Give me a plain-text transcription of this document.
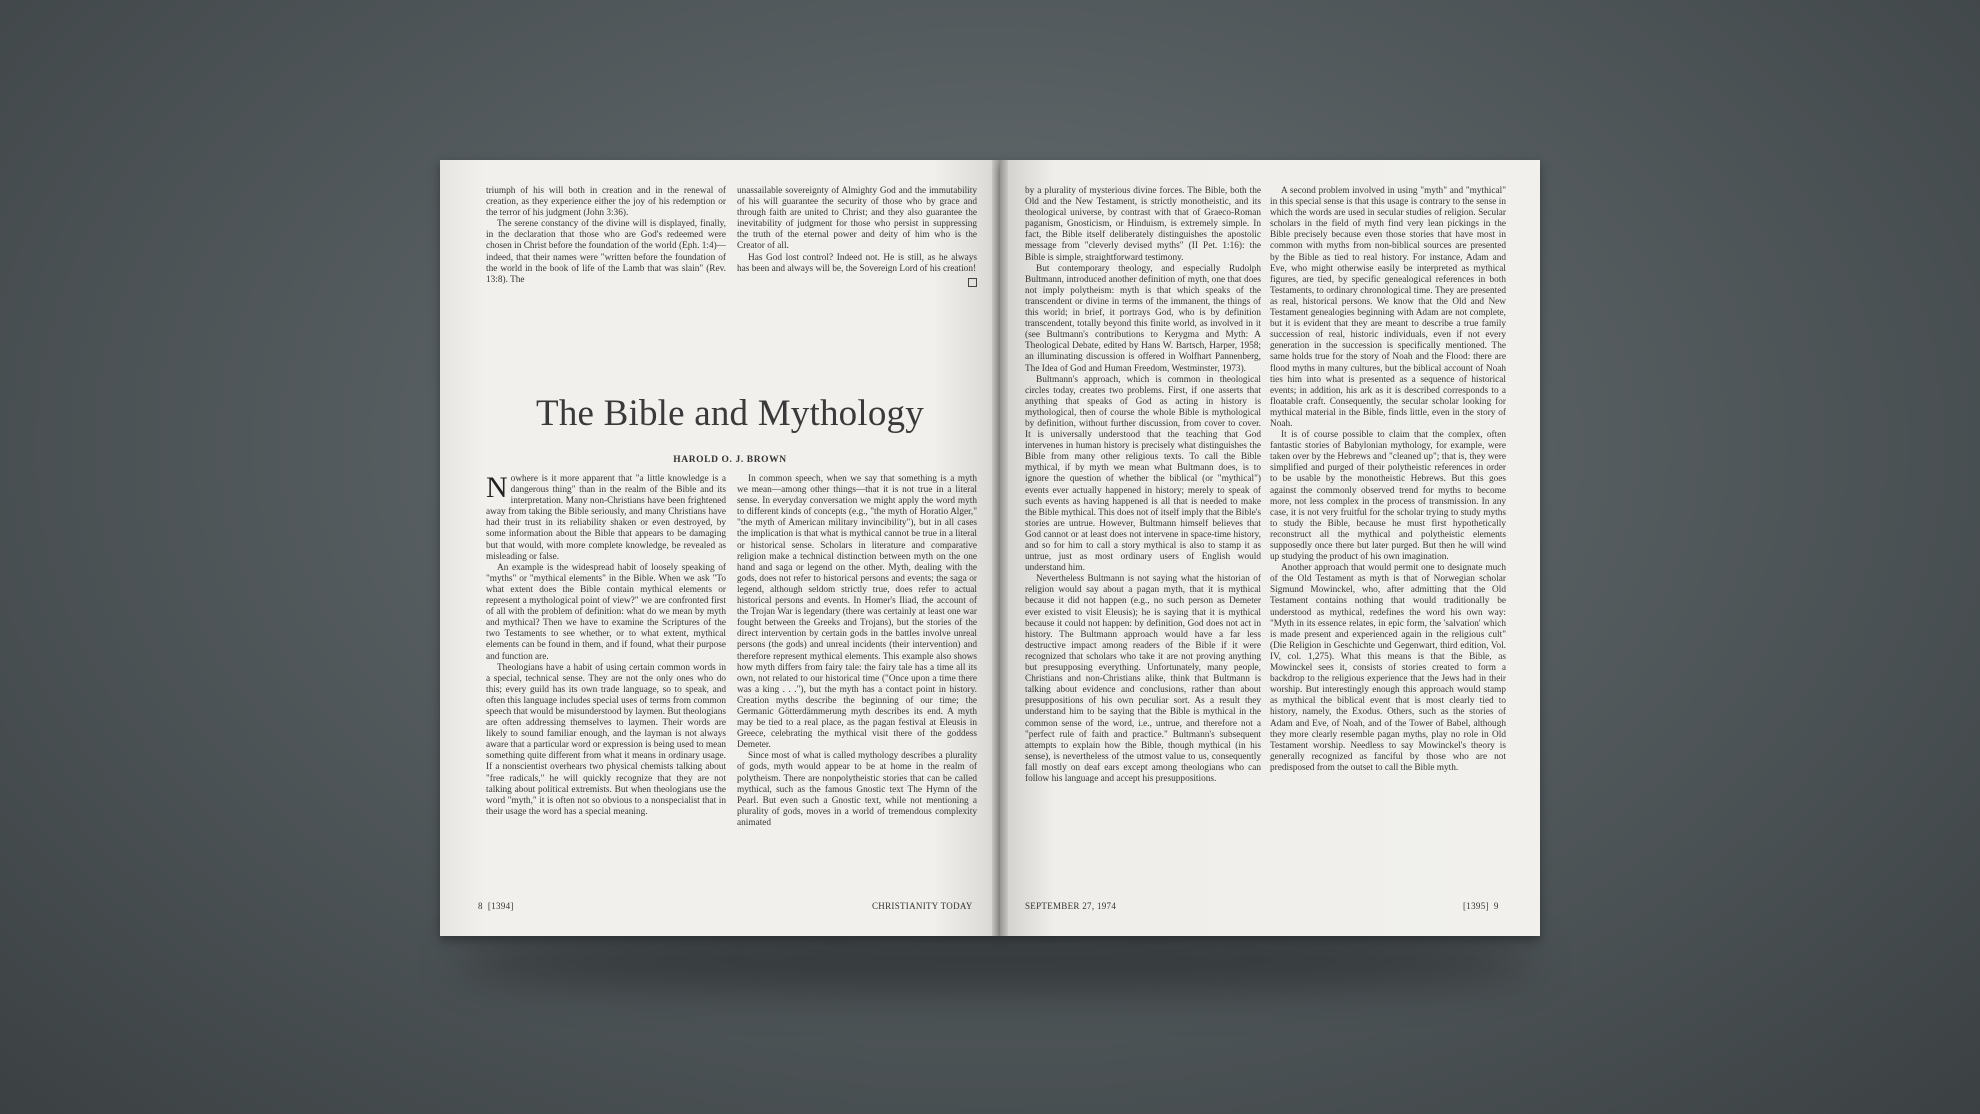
triumph of his will both in creation and in the renewal of creation, as they experience either the joy of his redemption or the terror of his judgment (John 3:36).

The serene constancy of the divine will is displayed, finally, in the declaration that those who are God's redeemed were chosen in Christ before the foundation of the world (Eph. 1:4)—indeed, that their names were "written before the foundation of the world in the book of life of the Lamb that was slain" (Rev. 13:8). The

unassailable sovereignty of Almighty God and the immutability of his will guarantee the security of those who by grace and through faith are united to Christ; and they also guarantee the inevitability of judgment for those who persist in suppressing the truth of the eternal power and deity of him who is the Creator of all.

Has God lost control? Indeed not. He is still, as he always has been and always will be, the Sovereign Lord of his creation!

The Bible and Mythology
HAROLD O. J. BROWN

Nowhere is it more apparent that "a little knowledge is a dangerous thing" than in the realm of the Bible and its interpretation. Many non-Christians have been frightened away from taking the Bible seriously, and many Christians have had their trust in its reliability shaken or even destroyed, by some information about the Bible that appears to be damaging but that would, with more complete knowledge, be revealed as misleading or false.

An example is the widespread habit of loosely speaking of "myths" or "mythical elements" in the Bible. When we ask "To what extent does the Bible contain mythical elements or represent a mythological point of view?" we are confronted first of all with the problem of definition: what do we mean by myth and mythical? Then we have to examine the Scriptures of the two Testaments to see whether, or to what extent, mythical elements can be found in them, and if found, what their purpose and function are.

Theologians have a habit of using certain common words in a special, technical sense. They are not the only ones who do this; every guild has its own trade language, so to speak, and often this language includes special uses of terms from common speech that would be misunderstood by laymen. But theologians are often addressing themselves to laymen. Their words are likely to sound familiar enough, and the layman is not always aware that a particular word or expression is being used to mean something quite different from what it means in ordinary usage. If a nonscientist overhears two physical chemists talking about "free radicals," he will quickly recognize that they are not talking about political extremists. But when theologians use the word "myth," it is often not so obvious to a nonspecialist that in their usage the word has a special meaning.

In common speech, when we say that something is a myth we mean—among other things—that it is not true in a literal sense. In everyday conversation we might apply the word myth to different kinds of concepts (e.g., "the myth of Horatio Alger," "the myth of American military invincibility"), but in all cases the implication is that what is mythical cannot be true in a literal or historical sense. Scholars in literature and comparative religion make a technical distinction between myth on the one hand and saga or legend on the other. Myth, dealing with the gods, does not refer to historical persons and events; the saga or legend, although seldom strictly true, does refer to actual historical persons and events. In Homer's Iliad, the account of the Trojan War is legendary (there was certainly at least one war fought between the Greeks and Trojans), but the stories of the direct intervention by certain gods in the battles involve unreal persons (the gods) and unreal incidents (their intervention) and therefore represent mythical elements. This example also shows how myth differs from fairy tale: the fairy tale has a time all its own, not related to our historical time ("Once upon a time there was a king . . ."), but the myth has a contact point in history. Creation myths describe the beginning of our time; the Germanic Götterdämmerung myth describes its end. A myth may be tied to a real place, as the pagan festival at Eleusis in Greece, celebrating the mythical visit there of the goddess Demeter.

Since most of what is called mythology describes a plurality of gods, myth would appear to be at home in the realm of polytheism. There are nonpolytheistic stories that can be called mythical, such as the famous Gnostic text The Hymn of the Pearl. But even such a Gnostic text, while not mentioning a plurality of gods, moves in a world of tremendous complexity animated

8 [1394]	CHRISTIANITY TODAY

by a plurality of mysterious divine forces. The Bible, both the Old and the New Testament, is strictly monotheistic, and its theological universe, by contrast with that of Graeco-Roman paganism, Gnosticism, or Hinduism, is extremely simple. In fact, the Bible itself deliberately distinguishes the apostolic message from "cleverly devised myths" (II Pet. 1:16): the Bible is simple, straightforward testimony.

But contemporary theology, and especially Rudolph Bultmann, introduced another definition of myth, one that does not imply polytheism: myth is that which speaks of the transcendent or divine in terms of the immanent, the things of this world; in brief, it portrays God, who is by definition transcendent, totally beyond this finite world, as involved in it (see Bultmann's contributions to Kerygma and Myth: A Theological Debate, edited by Hans W. Bartsch, Harper, 1958; an illuminating discussion is offered in Wolfhart Pannenberg, The Idea of God and Human Freedom, Westminster, 1973).

Bultmann's approach, which is common in theological circles today, creates two problems. First, if one asserts that anything that speaks of God as acting in history is mythological, then of course the whole Bible is mythological by definition, without further discussion, from cover to cover. It is universally understood that the teaching that God intervenes in human history is precisely what distinguishes the Bible from many other religious texts. To call the Bible mythical, if by myth we mean what Bultmann does, is to ignore the question of whether the biblical (or "mythical") events ever actually happened in history; merely to speak of such events as having happened is all that is needed to make the Bible mythical. This does not of itself imply that the Bible's stories are untrue. However, Bultmann himself believes that God cannot or at least does not intervene in space-time history, and so for him to call a story mythical is also to stamp it as untrue, just as most ordinary users of English would understand him.

Nevertheless Bultmann is not saying what the historian of religion would say about a pagan myth, that it is mythical because it did not happen (e.g., no such person as Demeter ever existed to visit Eleusis); he is saying that it is mythical because it could not happen: by definition, God does not act in history. The Bultmann approach would have a far less destructive impact among readers of the Bible if it were recognized that scholars who take it are not proving anything but presupposing everything. Unfortunately, many people, Christians and non-Christians alike, think that Bultmann is talking about evidence and conclusions, rather than about presuppositions of his own peculiar sort. As a result they understand him to be saying that the Bible is mythical in the common sense of the word, i.e., untrue, and therefore not a "perfect rule of faith and practice." Bultmann's subsequent attempts to explain how the Bible, though mythical (in his sense), is nevertheless of the utmost value to us, consequently fall mostly on deaf ears except among theologians who can follow his language and accept his presuppositions.

A second problem involved in using "myth" and "mythical" in this special sense is that this usage is contrary to the sense in which the words are used in secular studies of religion. Secular scholars in the field of myth find very lean pickings in the Bible precisely because even those stories that have most in common with myths from non-biblical sources are presented by the Bible as tied to real history. For instance, Adam and Eve, who might otherwise easily be interpreted as mythical figures, are tied, by specific genealogical references in both Testaments, to ordinary chronological time. They are presented as real, historical persons. We know that the Old and New Testament genealogies beginning with Adam are not complete, but it is evident that they are meant to describe a true family succession of real, historic individuals, even if not every generation in the succession is specifically mentioned. The same holds true for the story of Noah and the Flood: there are flood myths in many cultures, but the biblical account of Noah ties him into what is presented as a sequence of historical events; in addition, his ark as it is described corresponds to a floatable craft. Consequently, the secular scholar looking for mythical material in the Bible, finds little, even in the story of Noah.

It is of course possible to claim that the complex, often fantastic stories of Babylonian mythology, for example, were taken over by the Hebrews and "cleaned up"; that is, they were simplified and purged of their polytheistic references in order to be usable by the monotheistic Hebrews. But this goes against the commonly observed trend for myths to become more, not less complex in the process of transmission. In any case, it is not very fruitful for the scholar trying to study myths to study the Bible, because he must first hypothetically reconstruct all the mythical and polytheistic elements supposedly once there but later purged. But then he will wind up studying the product of his own imagination.

Another approach that would permit one to designate much of the Old Testament as myth is that of Norwegian scholar Sigmund Mowinckel, who, after admitting that the Old Testament contains nothing that would traditionally be understood as mythical, redefines the word his own way: "Myth in its essence relates, in epic form, the 'salvation' which is made present and experienced again in the religious cult" (Die Religion in Geschichte und Gegenwart, third edition, Vol. IV, col. 1,275). What this means is that the Bible, as Mowinckel sees it, consists of stories created to form a backdrop to the religious experience that the Jews had in their worship. But interestingly enough this approach would stamp as mythical the biblical event that is most clearly tied to history, namely, the Exodus. Others, such as the stories of Adam and Eve, of Noah, and of the Tower of Babel, although they more clearly resemble pagan myths, play no role in Old Testament worship. Needless to say Mowinckel's theory is generally recognized as fanciful by those who are not predisposed from the outset to call the Bible myth.

SEPTEMBER 27, 1974	[1395] 9
